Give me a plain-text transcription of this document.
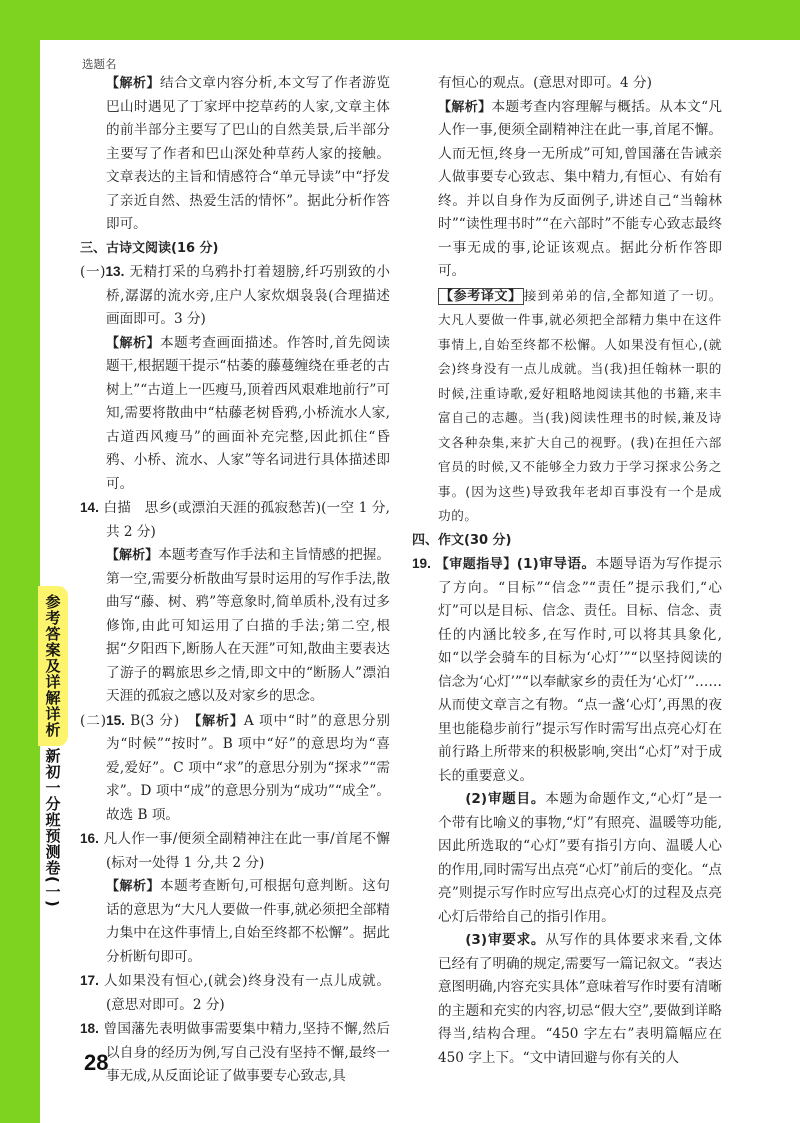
选题名
参考答案及详解详析
新初一分班预测卷(一)

【解析】结合文章内容分析,本文写了作者游览巴山时遇见了丁家坪中挖草药的人家,文章主体的前半部分主要写了巴山的自然美景,后半部分主要写了作者和巴山深处种草药人家的接触。文章表达的主旨和情感符合“单元导读”中“抒发了亲近自然、热爱生活的情怀”。据此分析作答即可。

三、古诗文阅读(16 分)

(一)13. 无精打采的乌鸦扑打着翅膀,纤巧别致的小桥,潺潺的流水旁,庄户人家炊烟袅袅(合理描述画面即可。3 分)

【解析】本题考查画面描述。作答时,首先阅读题干,根据题干提示“枯萎的藤蔓缠绕在垂老的古树上”“古道上一匹瘦马,顶着西风艰难地前行”可知,需要将散曲中“枯藤老树昏鸦,小桥流水人家,古道西风瘦马”的画面补充完整,因此抓住“昏鸦、小桥、流水、人家”等名词进行具体描述即可。

14. 白描　思乡(或漂泊天涯的孤寂愁苦)(一空 1 分,共 2 分)

【解析】本题考查写作手法和主旨情感的把握。第一空,需要分析散曲写景时运用的写作手法,散曲写“藤、树、鸦”等意象时,简单质朴,没有过多修饰,由此可知运用了白描的手法;第二空,根据“夕阳西下,断肠人在天涯”可知,散曲主要表达了游子的羁旅思乡之情,即文中的“断肠人”漂泊天涯的孤寂之感以及对家乡的思念。

(二)15. B(3 分)　 【解析】A 项中“时”的意思分别为“时候”“按时”。B 项中“好”的意思均为“喜爱,爱好”。C 项中“求”的意思分别为“探求”“需求”。D 项中“成”的意思分别为“成功”“成全”。故选 B 项。

16. 凡人作一事/便须全副精神注在此一事/首尾不懈(标对一处得 1 分,共 2 分)

【解析】本题考查断句,可根据句意判断。这句话的意思为“大凡人要做一件事,就必须把全部精力集中在这件事情上,自始至终都不松懈”。据此分析断句即可。

17. 人如果没有恒心,(就会)终身没有一点儿成就。(意思对即可。2 分)

18. 曾国藩先表明做事需要集中精力,坚持不懈,然后以自身的经历为例,写自己没有坚持不懈,最终一事无成,从反面论证了做事要专心致志,具

有恒心的观点。(意思对即可。4 分)

【解析】本题考查内容理解与概括。从本文“凡人作一事,便须全副精神注在此一事,首尾不懈。人而无恒,终身一无所成”可知,曾国藩在告诫亲人做事要专心致志、集中精力,有恒心、有始有终。并以自身作为反面例子,讲述自己“当翰林时”“读性理书时”“在六部时”不能专心致志最终一事无成的事,论证该观点。据此分析作答即可。

【参考译文】 接到弟弟的信,全都知道了一切。大凡人要做一件事,就必须把全部精力集中在这件事情上,自始至终都不松懈。人如果没有恒心,(就会)终身没有一点儿成就。当(我)担任翰林一职的时候,注重诗歌,爱好粗略地阅读其他的书籍,来丰富自己的志趣。当(我)阅读性理书的时候,兼及诗文各种杂集,来扩大自己的视野。(我)在担任六部官员的时候,又不能够全力致力于学习探求公务之事。(因为这些)导致我年老却百事没有一个是成功的。

四、作文(30 分)

19. 【审题指导】(1)审导语。本题导语为写作提示了方向。“目标”“信念”“责任”提示我们,“心灯”可以是目标、信念、责任。目标、信念、责任的内涵比较多,在写作时,可以将其具象化,如“以学会骑车的目标为‘心灯’”“以坚持阅读的信念为‘心灯’”“以奉献家乡的责任为‘心灯’”……从而使文章言之有物。“点一盏‘心灯’,再黑的夜里也能稳步前行”提示写作时需写出点亮心灯在前行路上所带来的积极影响,突出“心灯”对于成长的重要意义。

(2)审题目。本题为命题作文,“心灯”是一个带有比喻义的事物,“灯”有照亮、温暖等功能,因此所选取的“心灯”要有指引方向、温暖人心的作用,同时需写出点亮“心灯”前后的变化。“点亮”则提示写作时应写出点亮心灯的过程及点亮心灯后带给自己的指引作用。

(3)审要求。从写作的具体要求来看,文体已经有了明确的规定,需要写一篇记叙文。“表达意图明确,内容充实具体”意味着写作时要有清晰的主题和充实的内容,切忌“假大空”,要做到详略得当,结构合理。“450 字左右”表明篇幅应在 450 字上下。“文中请回避与你有关的人

28
